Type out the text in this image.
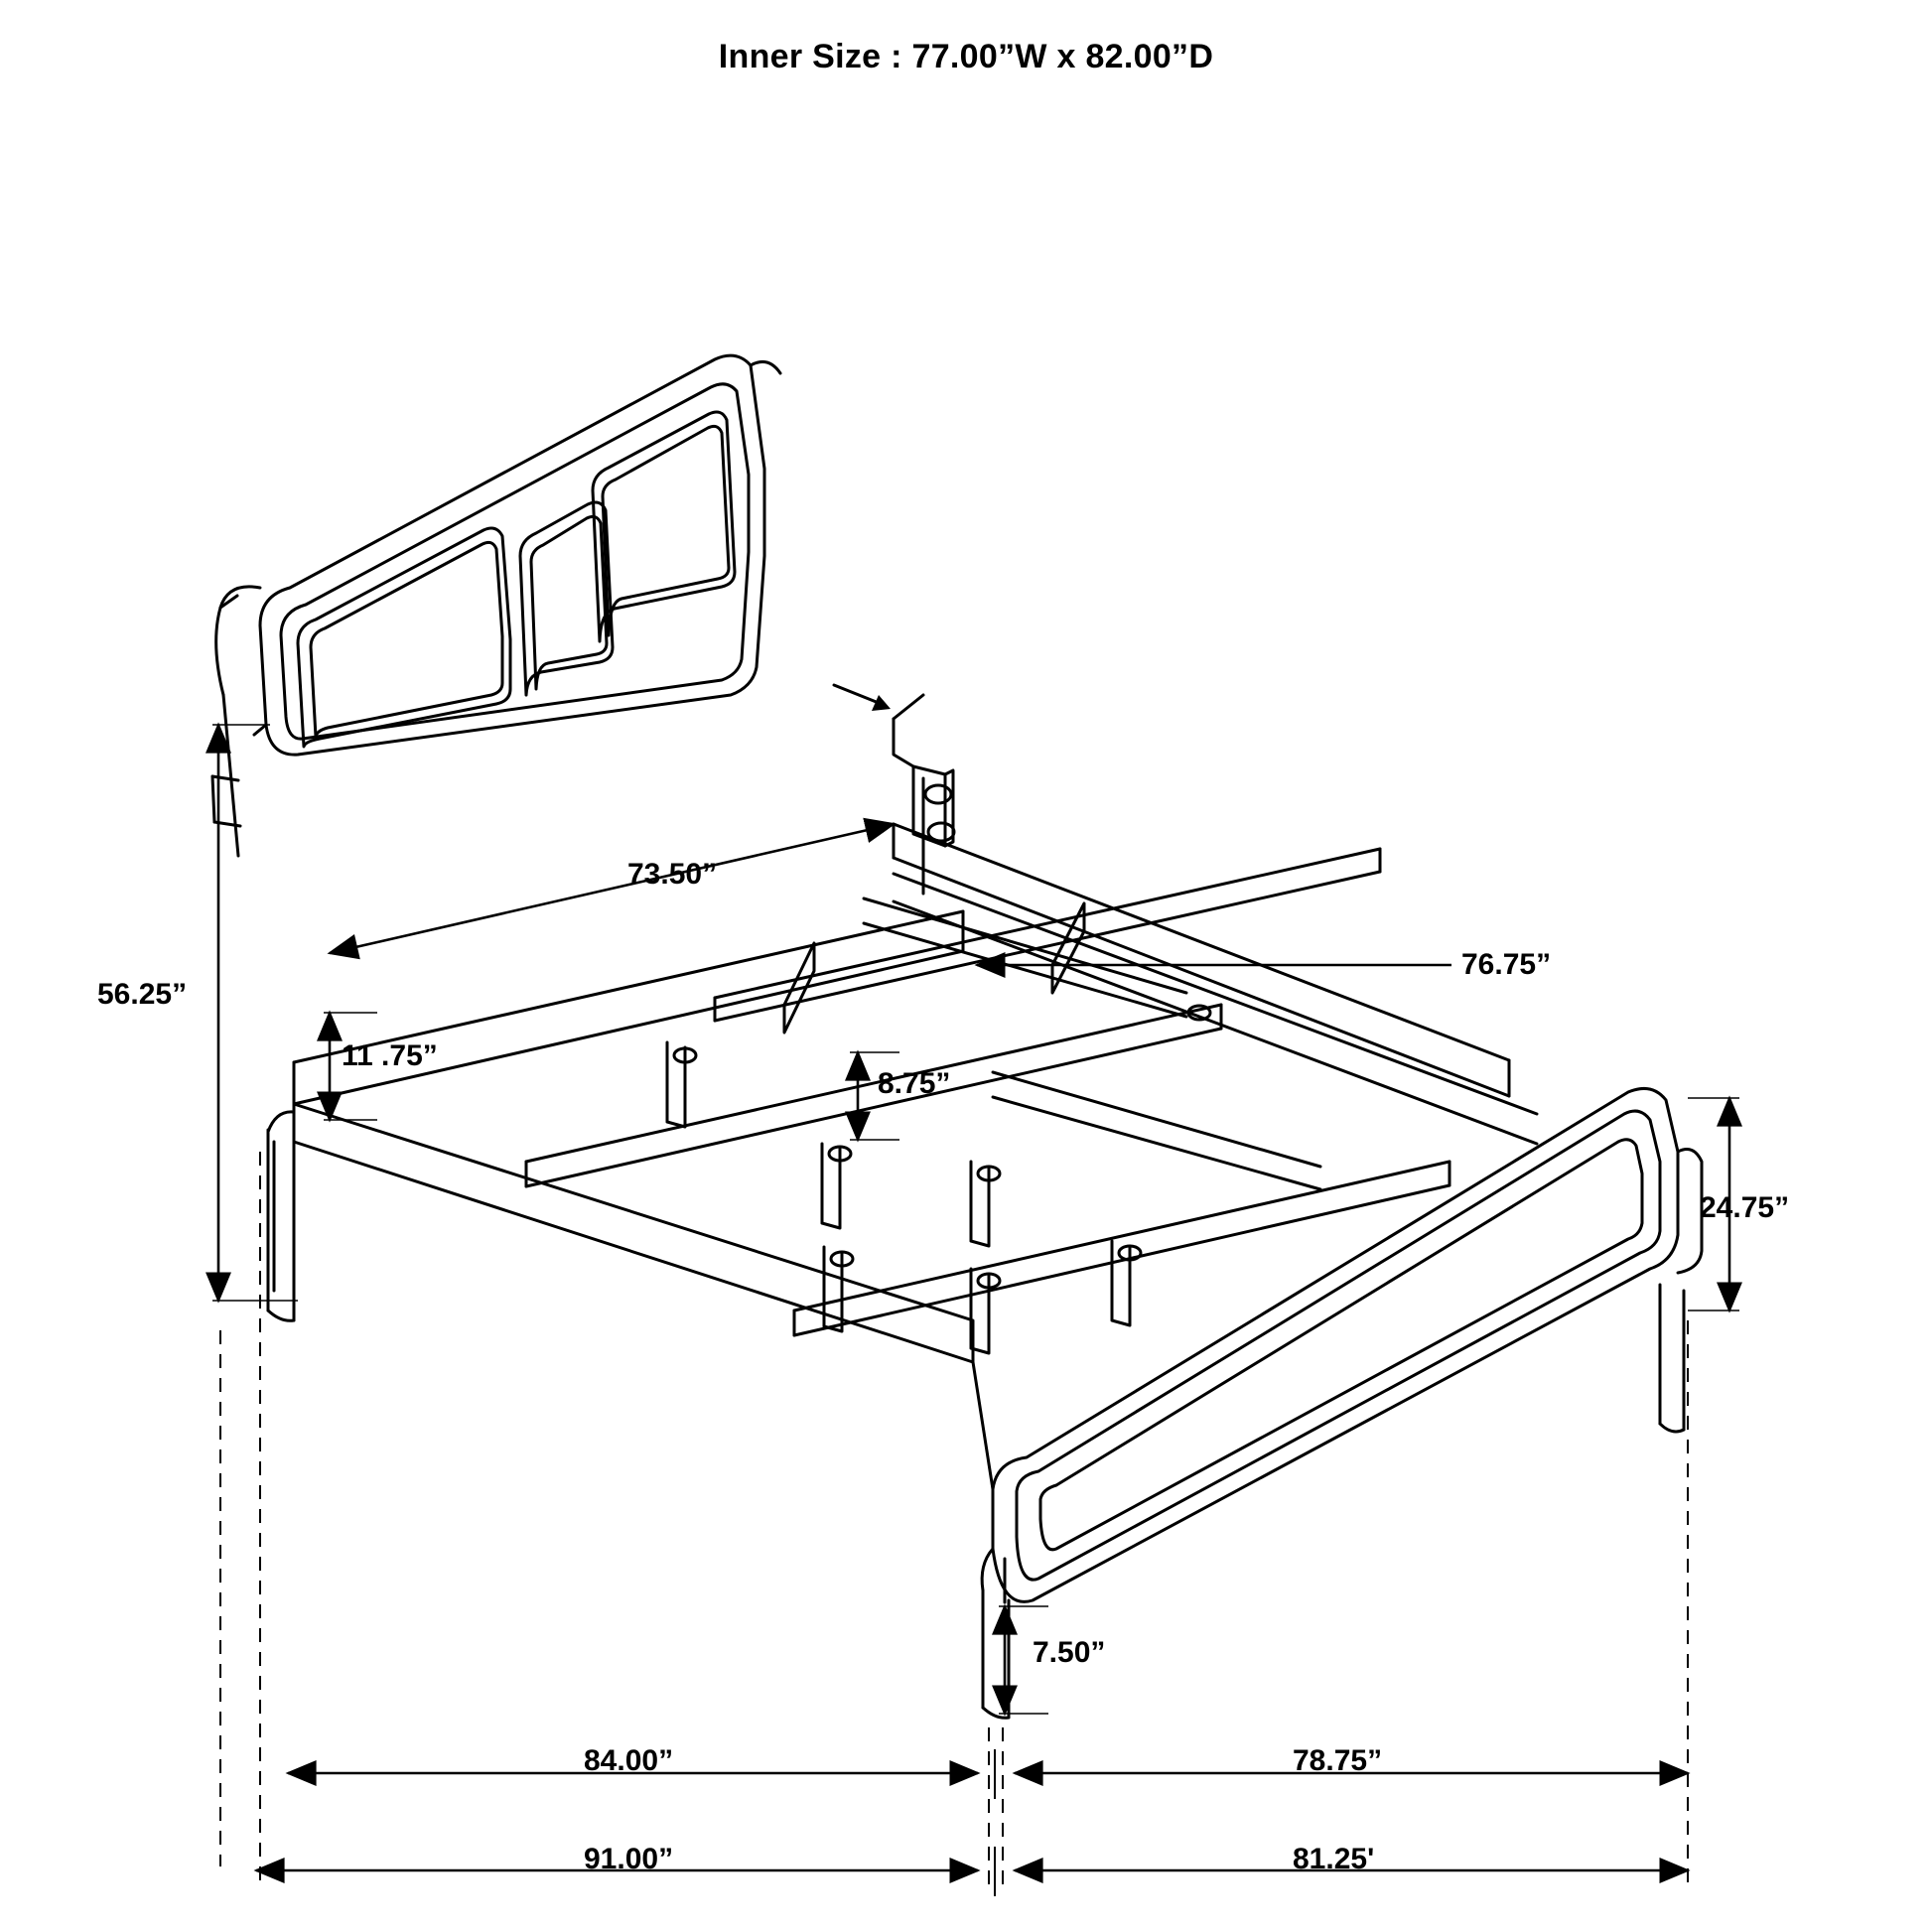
Inner Size : 77.00”W x 82.00”D
56.25”
73.50”
11 .75”
8.75”
76.75”
24.75”
7.50”
84.00”	78.75”
91.00”	81.25'
